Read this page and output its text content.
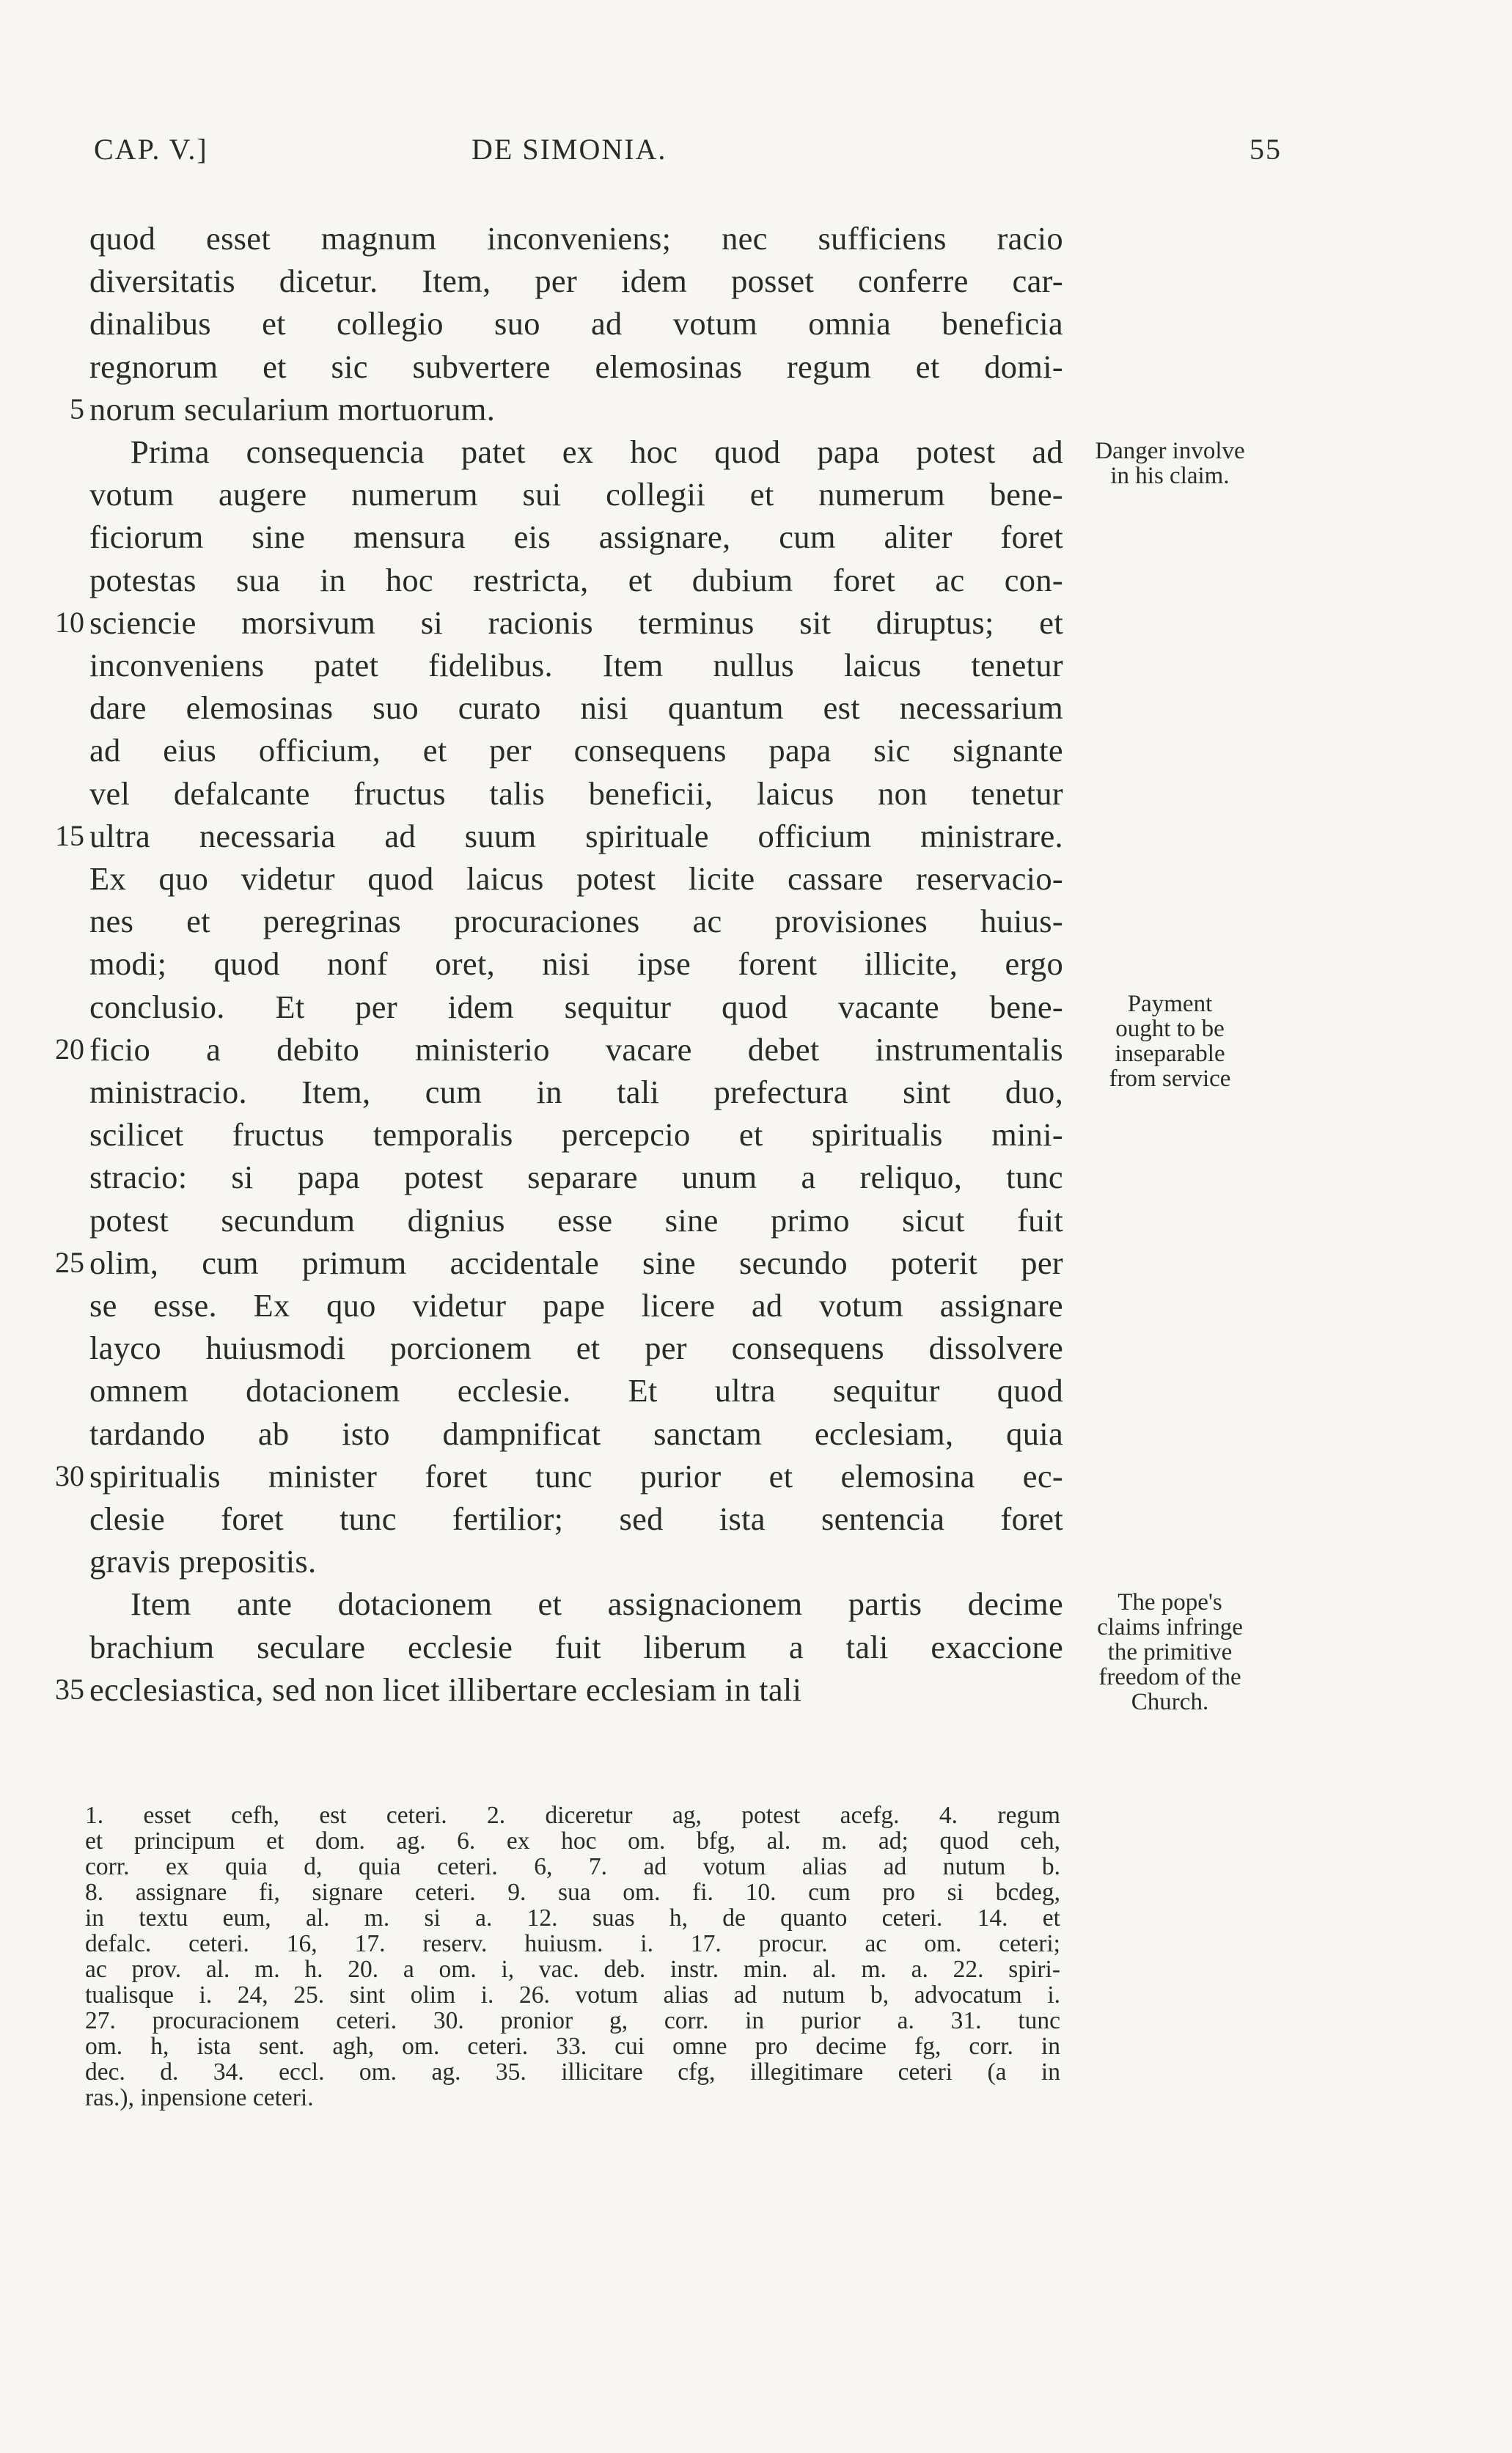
CAP. V.]	DE SIMONIA.	55
quod esset magnum inconveniens; nec sufficiens racio
diversitatis dicetur. Item, per idem posset conferre car-
dinalibus et collegio suo ad votum omnia beneficia
regnorum et sic subvertere elemosinas regum et domi-
norum secularium mortuorum.
5
Prima consequencia patet ex hoc quod papa potest ad
votum augere numerum sui collegii et numerum bene-
ficiorum sine mensura eis assignare, cum aliter foret
potestas sua in hoc restricta, et dubium foret ac con-
sciencie morsivum si racionis terminus sit diruptus; et
10
inconveniens patet fidelibus. Item nullus laicus tenetur
dare elemosinas suo curato nisi quantum est necessarium
ad eius officium, et per consequens papa sic signante
vel defalcante fructus talis beneficii, laicus non tenetur
ultra necessaria ad suum spirituale officium ministrare.
15
Ex quo videtur quod laicus potest licite cassare reservacio-
nes et peregrinas procuraciones ac provisiones huius-
modi; quod nonf oret, nisi ipse forent illicite, ergo
conclusio. Et per idem sequitur quod vacante bene-
ficio a debito ministerio vacare debet instrumentalis
20
ministracio. Item, cum in tali prefectura sint duo,
scilicet fructus temporalis percepcio et spiritualis mini-
stracio: si papa potest separare unum a reliquo, tunc
potest secundum dignius esse sine primo sicut fuit
olim, cum primum accidentale sine secundo poterit per
25
se esse. Ex quo videtur pape licere ad votum assignare
layco huiusmodi porcionem et per consequens dissolvere
omnem dotacionem ecclesie. Et ultra sequitur quod
tardando ab isto dampnificat sanctam ecclesiam, quia
spiritualis minister foret tunc purior et elemosina ec-
30
clesie foret tunc fertilior; sed ista sentencia foret
gravis prepositis.
Item ante dotacionem et assignacionem partis decime
brachium seculare ecclesie fuit liberum a tali exaccione
ecclesiastica, sed non licet illibertare ecclesiam in tali
35
Danger involve
in his claim.
Payment
ought to be
inseparable
from service
The pope's
claims infringe
the primitive
freedom of the
Church.
1. esset cefh, est ceteri. 2. diceretur ag, potest acefg. 4. regum
et principum et dom. ag. 6. ex hoc om. bfg, al. m. ad; quod ceh,
corr. ex quia d, quia ceteri. 6, 7. ad votum alias ad nutum b.
8. assignare fi, signare ceteri. 9. sua om. fi. 10. cum pro si bcdeg,
in textu eum, al. m. si a. 12. suas h, de quanto ceteri. 14. et
defalc. ceteri. 16, 17. reserv. huiusm. i. 17. procur. ac om. ceteri;
ac prov. al. m. h. 20. a om. i, vac. deb. instr. min. al. m. a. 22. spiri-
tualisque i. 24, 25. sint olim i. 26. votum alias ad nutum b, advocatum i.
27. procuracionem ceteri. 30. pronior g, corr. in purior a. 31. tunc
om. h, ista sent. agh, om. ceteri. 33. cui omne pro decime fg, corr. in
dec. d. 34. eccl. om. ag. 35. illicitare cfg, illegitimare ceteri (a in
ras.), inpensione ceteri.
